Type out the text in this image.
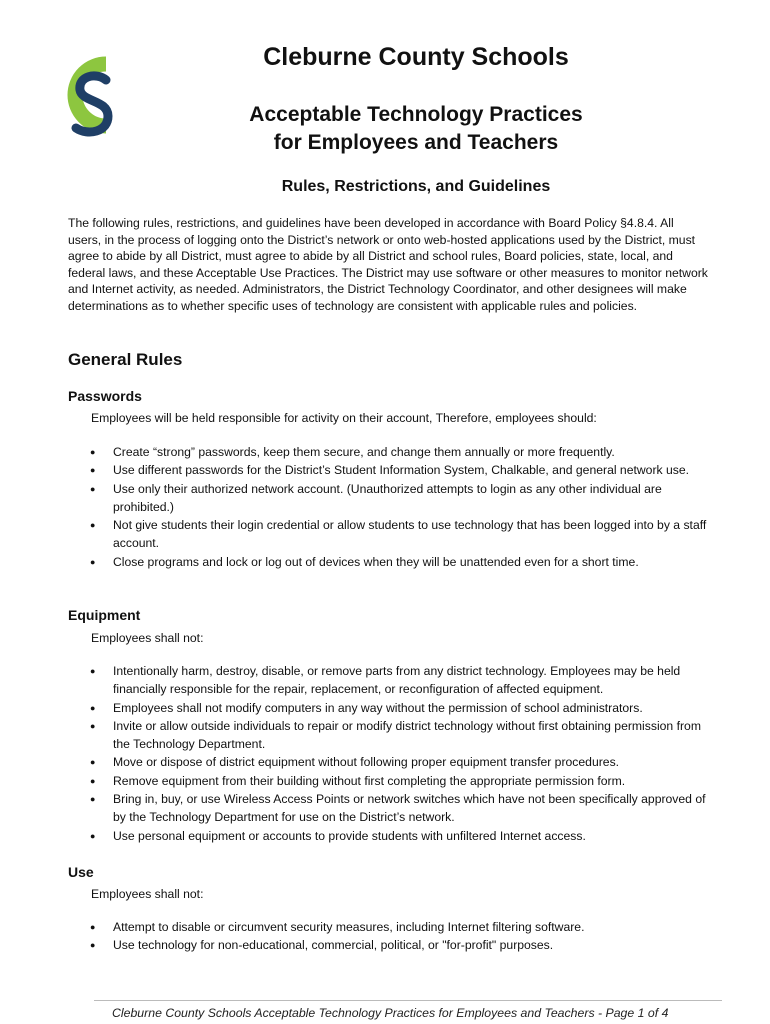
Cleburne County Schools
Acceptable Technology Practices
for Employees and Teachers
Rules, Restrictions, and Guidelines

The following rules, restrictions, and guidelines have been developed in accordance with Board Policy §4.8.4. All users, in the process of logging onto the District’s network or onto web-hosted applications used by the District, must agree to abide by all District, must agree to abide by all District and school rules, Board policies, state, local, and federal laws, and these Acceptable Use Practices. The District may use software or other measures to monitor network and Internet activity, as needed. Administrators, the District Technology Coordinator, and other designees will make determinations as to whether specific uses of technology are consistent with applicable rules and policies.

General Rules
Passwords

Employees will be held responsible for activity on their account, Therefore, employees should:

● Create “strong” passwords, keep them secure, and change them annually or more frequently.
● Use different passwords for the District’s Student Information System, Chalkable, and general network use.
● Use only their authorized network account. (Unauthorized attempts to login as any other individual are prohibited.)
● Not give students their login credential or allow students to use technology that has been logged into by a staff account.
● Close programs and lock or log out of devices when they will be unattended even for a short time.
Equipment

Employees shall not:

● Intentionally harm, destroy, disable, or remove parts from any district technology. Employees may be held financially responsible for the repair, replacement, or reconfiguration of affected equipment.
● Employees shall not modify computers in any way without the permission of school administrators.
● Invite or allow outside individuals to repair or modify district technology without first obtaining permission from the Technology Department.
● Move or dispose of district equipment without following proper equipment transfer procedures.
● Remove equipment from their building without first completing the appropriate permission form.
● Bring in, buy, or use Wireless Access Points or network switches which have not been specifically approved of by the Technology Department for use on the District’s network.
● Use personal equipment or accounts to provide students with unfiltered Internet access.
Use

Employees shall not:

● Attempt to disable or circumvent security measures, including Internet filtering software.
● Use technology for non-educational, commercial, political, or "for-profit" purposes.

Cleburne County Schools Acceptable Technology Practices for Employees and Teachers - Page 1 of 4
